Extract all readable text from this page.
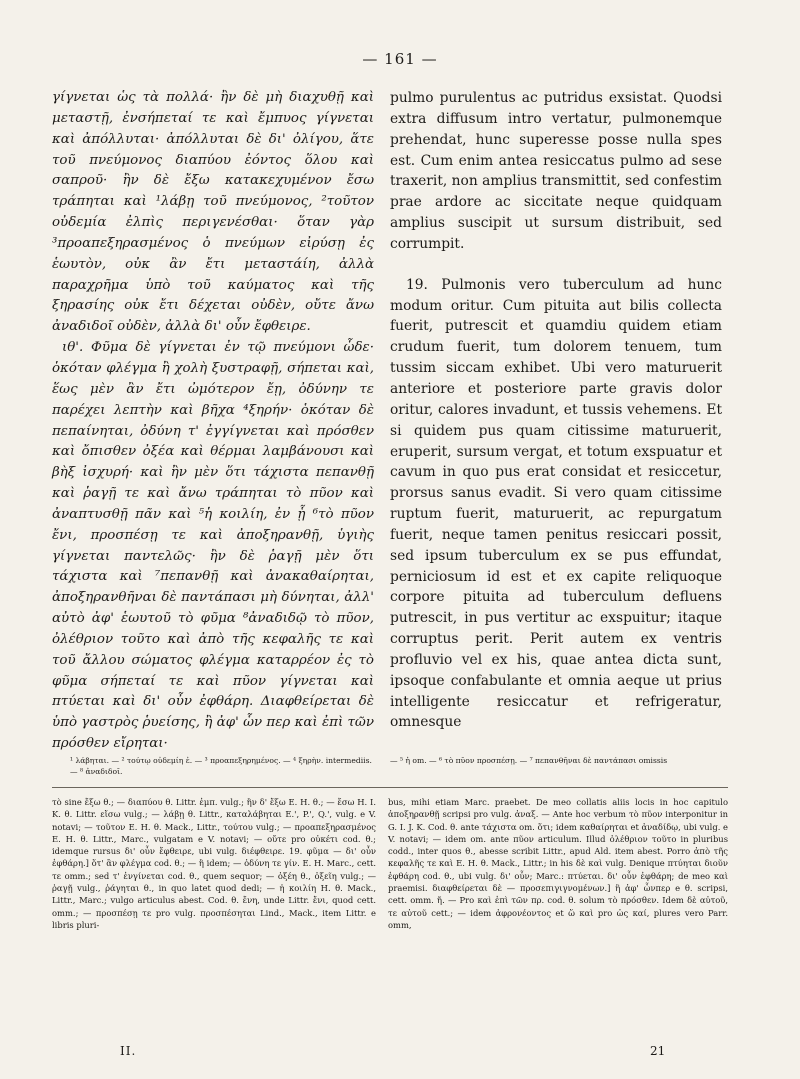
— 161 —

γίγνεται ὡς τὰ πολλά· ἢν δὲ μὴ διαχυθῇ καὶ μεταστῇ, ἐνσήπεταί τε καὶ ἔμπυος γίγνεται καὶ ἀπόλλυται· ἀπόλλυται δὲ δι' ὀλίγου, ἅτε τοῦ πνεύμονος διαπύου ἐόντος ὅλου καὶ σαπροῦ· ἢν δὲ ἔξω κατακεχυμένον ἔσω τράπηται καὶ ¹λάβῃ τοῦ πνεύμονος, ²τοῦτον οὐδεμία ἐλπὶς περιγενέσθαι· ὅταν γὰρ ³προαπεξηρασμένος ὁ πνεύμων εἰρύσῃ ἐς ἑωυτὸν, οὐκ ἂν ἔτι μεταστάίη, ἀλλὰ παραχρῆμα ὑπὸ τοῦ καύματος καὶ τῆς ξηρασίης οὐκ ἔτι δέχεται οὐδὲν, οὔτε ἄνω ἀναδιδοῖ οὐδὲν, ἀλλὰ δι' οὖν ἔφθειρε.

ιθ'. Φῦμα δὲ γίγνεται ἐν τῷ πνεύμονι ὧδε· ὁκόταν φλέγμα ἢ χολὴ ξυστραφῇ, σήπεται καὶ, ἕως μὲν ἂν ἔτι ὠμότερον ἔῃ, ὀδύνην τε παρέχει λεπτὴν καὶ βῆχα ⁴ξηρήν· ὁκόταν δὲ πεπαίνηται, ὀδύνη τ' ἐγγίγνεται καὶ πρόσθεν καὶ ὄπισθεν ὀξέα καὶ θέρμαι λαμβάνουσι καὶ βὴξ ἰσχυρή· καὶ ἢν μὲν ὅτι τάχιστα πεπανθῇ καὶ ῥαγῇ τε καὶ ἄνω τράπηται τὸ πῦον καὶ ἀναπτυσθῇ πᾶν καὶ ⁵ἡ κοιλίη, ἐν ᾗ ⁶τὸ πῦον ἔνι, προσπέσῃ τε καὶ ἀποξηρανθῇ, ὑγιὴς γίγνεται παντελῶς· ἢν δὲ ῥαγῇ μὲν ὅτι τάχιστα καὶ ⁷πεπανθῇ καὶ ἀνακαθαίρηται, ἀποξηρανθῆναι δὲ παντάπασι μὴ δύνηται, ἀλλ' αὐτὸ ἀφ' ἑωυτοῦ τὸ φῦμα ⁸ἀναδιδῷ τὸ πῦον, ὀλέθριον τοῦτο καὶ ἀπὸ τῆς κεφαλῆς τε καὶ τοῦ ἄλλου σώματος φλέγμα καταρρέον ἐς τὸ φῦμα σήπεταί τε καὶ πῦον γίγνεται καὶ πτύεται καὶ δι' οὖν ἐφθάρη. Διαφθείρεται δὲ ὑπὸ γαστρὸς ῥυείσης, ἢ ἀφ' ὧν περ καὶ ἐπὶ τῶν πρόσθεν εἴρηται·

pulmo purulentus ac putridus exsistat. Quodsi extra diffusum intro vertatur, pulmonemque prehendat, hunc superesse posse nulla spes est. Cum enim antea resiccatus pulmo ad sese traxerit, non amplius transmittit, sed confestim prae ardore ac siccitate neque quidquam amplius suscipit ut sursum distribuit, sed corrumpit.

19. Pulmonis vero tuberculum ad hunc modum oritur. Cum pituita aut bilis collecta fuerit, putrescit et quamdiu quidem etiam crudum fuerit, tum dolorem tenuem, tum tussim siccam exhibet. Ubi vero maturuerit anteriore et posteriore parte gravis dolor oritur, calores invadunt, et tussis vehemens. Et si quidem pus quam citissime maturuerit, eruperit, sursum vergat, et totum exspuatur et cavum in quo pus erat considat et resiccetur, prorsus sanus evadit. Si vero quam citissime ruptum fuerit, maturuerit, ac repurgatum fuerit, neque tamen penitus resiccari possit, sed ipsum tuberculum ex se pus effundat, perniciosum id est et ex capite reliquoque corpore pituita ad tuberculum defluens putrescit, in pus vertitur ac exspuitur; itaque corruptus perit. Perit autem ex ventris profluvio vel ex his, quae antea dicta sunt, ipsoque confabulante et omnia aeque ut prius intelligente resiccatur et refrigeratur, omnesque

¹ λάβηται. — ² τούτῳ οὐδεμίη ἐ. — ³ προαπεξηρημένος. — ⁴ ξηρὴν. intermediis. — ⁸ ἀναδιδοῖ.
— ⁵ ἡ om. — ⁶ τὸ πῦον προσπέσῃ. — ⁷ πεπανθῆναι δὲ παντάπασι omissis

τὸ sine ἔξω θ.; — διαπύου θ. Littr. ἐμπ. vulg.; ἢν δ' ἔξω E. H. θ.; — ἔσω H. I. K. θ. Littr. εἴσω vulg.; — λάβῃ θ. Littr., καταλάβηται E.', P.', Q.', vulg. e V. notavi; — τοῦτον E. H. θ. Mack., Littr., τούτου vulg.; — προαπεξηρασμένος E. H. θ. Littr., Marc., vulgatam e V. notavi; — οὔτε pro οὐκέτι cod. θ.; idemque rursus δι' οὖν ἔφθειρε, ubi vulg. διέφθειρε. 19. φῦμα — δι' οὖν ἐφθάρη.] ὅτ' ἂν φλέγμα cod. θ.; — ἢ idem; — ὀδύνη τε γίν. E. H. Marc., cett. τε omm.; sed τ' ἐνγίνεται cod. θ., quem sequor; — ὀξέη θ., ὀξεῖη vulg.; — ῥαγῇ vulg., ῥάγηται θ., in quo latet quod dedi; — ἡ κοιλίη H. θ. Mack., Littr., Marc.; vulgo articulus abest. Cod. θ. ἔνη, unde Littr. ἔνι, quod cett. omm.; — προσπέσῃ τε pro vulg. προσπέσηται Lind., Mack., item Littr. e libris pluri-

bus, mihi etiam Marc. praebet. De meo collatis aliis locis in hoc capitulo ἀποξηρανθῇ scripsi pro vulg. ἀναξ. — Ante hoc verbum τὸ πῦον interponitur in G. I. J. K. Cod. θ. ante τάχιστα om. ὅτι; idem καθαίρηται et ἀναδίδῳ, ubi vulg. e V. notavi; — idem om. ante πῦον articulum. Illud ὀλέθριον τοῦτο in pluribus codd., inter quos θ., abesse scribit Littr., apud Ald. item abest. Porro ἀπὸ τῆς κεφαλῆς τε καὶ E. H. θ. Mack., Littr.; in his δὲ καὶ vulg. Denique πτύηται διοῦν ἐφθάρη cod. θ., ubi vulg. δι' οὖν; Marc.: πτύεται. δι' οὖν ἐφθάρη; de meo καὶ praemisi. διαφθείρεται δὲ — προσεπιγιγνομένων.] ἢ ἀφ' ὧνπερ e θ. scripsi, cett. omm. ἤ. — Pro καὶ ἐπὶ τῶν πρ. cod. θ. solum τὸ πρόσθεν. Idem δὲ αὐτοῦ, τε αὐτοῦ cett.; — idem ἀφρονέοντος et ὥ καὶ pro ὡς καί, plures vero Parr. omm,

II.	21
